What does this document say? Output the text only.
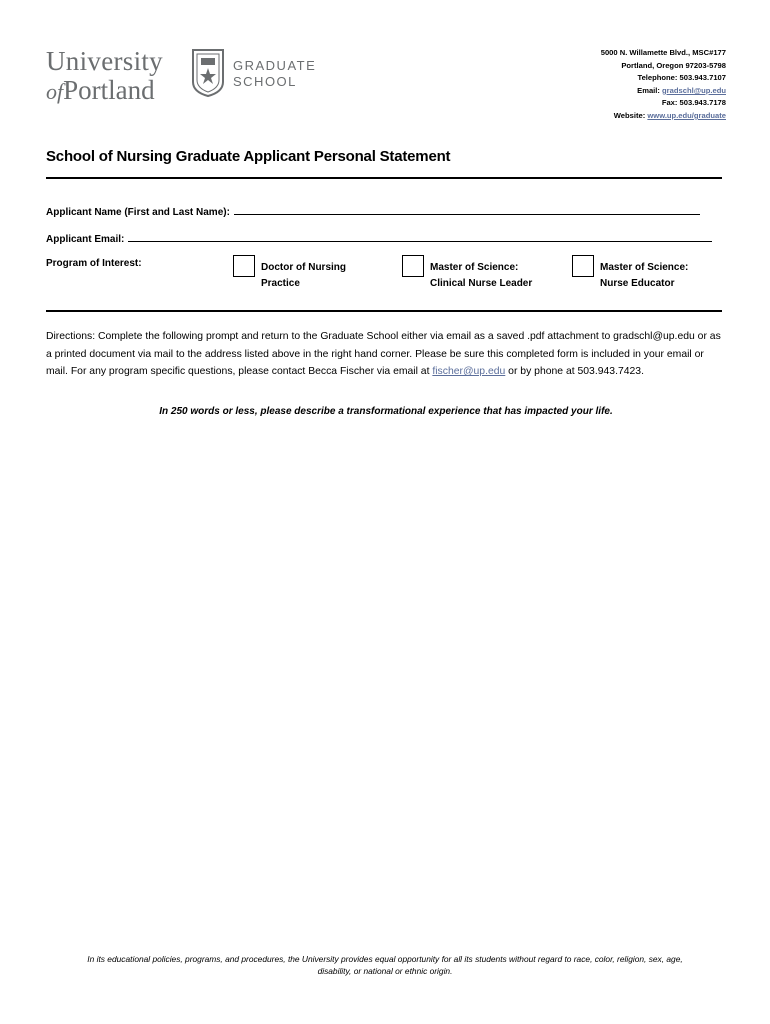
University
ofPortland
GRADUATE
SCHOOL
5000 N. Willamette Blvd., MSC#177
Portland, Oregon 97203-5798
Telephone: 503.943.7107
Email: gradschl@up.edu
Fax: 503.943.7178
Website: www.up.edu/graduate
School of Nursing Graduate Applicant Personal Statement
Applicant Name (First and Last Name):
Applicant Email:
Program of Interest:	Doctor of Nursing
Practice
Master of Science:
Clinical Nurse Leader
Master of Science:
Nurse Educator
Directions: Complete the following prompt and return to the Graduate School either via email as a saved .pdf attachment to gradschl@up.edu or as a printed document via mail to the address listed above in the right hand corner. Please be sure this completed form is included in your email or mail. For any program specific questions, please contact Becca Fischer via email at fischer@up.edu or by phone at 503.943.7423.
In 250 words or less, please describe a transformational experience that has impacted your life.
In its educational policies, programs, and procedures, the University provides equal opportunity for all its students without regard to race, color, religion, sex, age,
disability, or national or ethnic origin.
